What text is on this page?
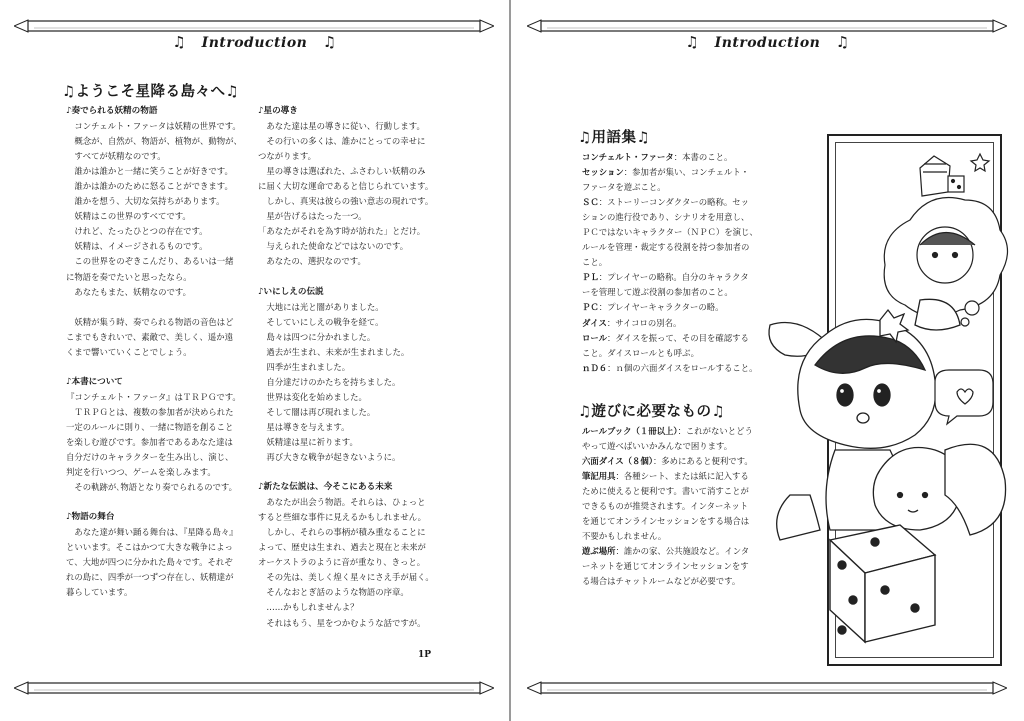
♫ Introduction ♫
♫ようこそ星降る島々へ♫
♪奏でられる妖精の物語

　コンチェルト・ファータは妖精の世界です。
　概念が、自然が、物語が、植物が、動物が、
　すべてが妖精なのです。
　誰かは誰かと一緒に笑うことが好きです。
　誰かは誰かのために怒ることができます。
　誰かを想う、大切な気持ちがあります。
　妖精はこの世界のすべてです。
　けれど、たったひとつの存在です。
　妖精は、イメージされるものです。
　この世界をのぞきこんだり、あるいは一緒
に物語を奏でたいと思ったなら。
　あなたもまた、妖精なのです。

　妖精が集う時、奏でられる物語の音色はど
こまでもきれいで、素敵で、美しく、遥か遠
くまで響いていくことでしょう。

♪本書について

『コンチェルト・ファータ』はＴＲＰＧです。
　ＴＲＰＧとは、複数の参加者が決められた
一定のルールに則り、一緒に物語を創ること
を楽しむ遊びです。参加者であるあなた達は
自分だけのキャラクターを生み出し、演じ、
判定を行いつつ、ゲームを楽しみます。
　その軌跡が､物語となり奏でられるのです。

♪物語の舞台

　あなた達が舞い踊る舞台は、『星降る島々』
といいます。そこはかつて大きな戦争によっ
て、大地が四つに分かれた島々です。それぞ
れの島に、四季が一つずつ存在し、妖精達が
暮らしています。

♪星の導き

　あなた達は星の導きに従い、行動します。
　その行いの多くは、誰かにとっての幸せに
つながります。
　星の導きは選ばれた、ふさわしい妖精のみ
に届く大切な運命であると信じられています。
　しかし、真実は彼らの強い意志の現れです。
　星が告げるはたった一つ。
「あなたがそれを為す時が訪れた」とだけ。
　与えられた使命などではないのです。
　あなたの、選択なのです。

♪いにしえの伝説

　大地には光と闇がありました。
　そしていにしえの戦争を経て。
　島々は四つに分かれました。
　過去が生まれ、未来が生まれました。
　四季が生まれました。
　自分達だけのかたちを持ちました。
　世界は変化を始めました。
　そして闇は再び現れました。
　星は導きを与えます。
　妖精達は星に祈ります。
　再び大きな戦争が起きないように。

♪新たな伝説は、今そこにある未来

　あなたが出会う物語。それらは、ひょっと
すると些細な事件に見えるかもしれません。
　しかし、それらの事柄が積み重なることに
よって、歴史は生まれ、過去と現在と未来が
オーケストラのように音が重なり、きっと。
　その先は、美しく煌く星々にさえ手が届く。
　そんなおとぎ話のような物語の序章。
　……かもしれませんよ？
　それはもう、星をつかむような話ですが。

1P
♫ Introduction ♫
♫用語集♫
コンチェルト・ファータ：本書のこと。
セッション：参加者が集い、コンチェルト・
ファータを遊ぶこと。
ＳＣ：ストーリーコンダクターの略称。セッ
ションの進行役であり、シナリオを用意し、
ＰＣではないキャラクター（ＮＰＣ）を演じ、
ルールを管理・裁定する役割を持つ参加者の
こと。
ＰＬ：プレイヤーの略称。自分のキャラクタ
ーを管理して遊ぶ役割の参加者のこと。
ＰＣ：プレイヤーキャラクターの略。
ダイス：サイコロの別名。
ロール：ダイスを振って、その目を確認する
こと。ダイスロールとも呼ぶ。
ｎＤ６：ｎ個の六面ダイスをロールすること。
♫遊びに必要なもの♫
ルールブック（１冊以上）：これがないとどう
やって遊べばいいかみんなで困ります。
六面ダイス（８個）：多めにあると便利です。
筆記用具：各種シート、または紙に記入する
ために使えると便利です。書いて消すことが
できるものが推奨されます。インターネット
を通じてオンラインセッションをする場合は
不要かもしれません。
遊ぶ場所：誰かの家、公共施設など。インタ
ーネットを通じてオンラインセッションをす
る場合はチャットルームなどが必要です。
